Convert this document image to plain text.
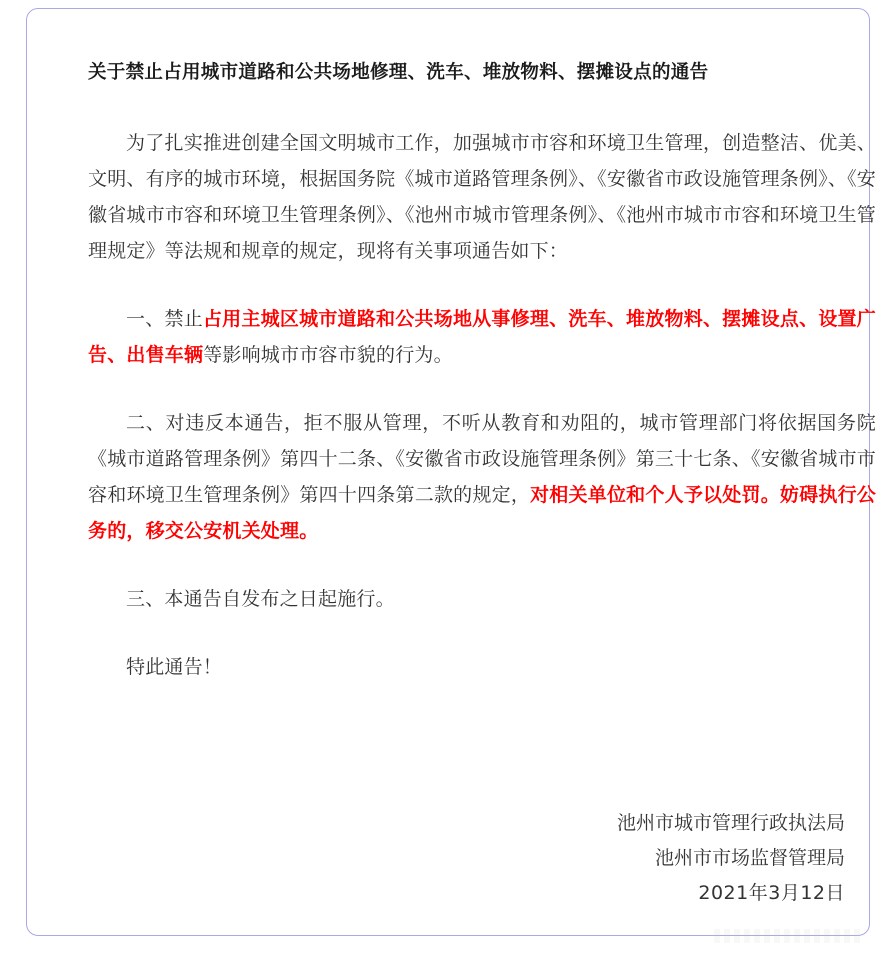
关于禁止占用城市道路和公共场地修理、洗车、堆放物料、摆摊设点的通告

为了扎实推进创建全国文明城市工作，加强城市市容和环境卫生管理，创造整洁、优美、文明、有序的城市环境，根据国务院《城市道路管理条例》、《安徽省市政设施管理条例》、《安徽省城市市容和环境卫生管理条例》、《池州市城市管理条例》、《池州市城市市容和环境卫生管理规定》等法规和规章的规定，现将有关事项通告如下：

一、禁止占用主城区城市道路和公共场地从事修理、洗车、堆放物料、摆摊设点、设置广告、出售车辆等影响城市市容市貌的行为。

二、对违反本通告，拒不服从管理，不听从教育和劝阻的，城市管理部门将依据国务院《城市道路管理条例》第四十二条、《安徽省市政设施管理条例》第三十七条、《安徽省城市市容和环境卫生管理条例》第四十四条第二款的规定，对相关单位和个人予以处罚。妨碍执行公务的，移交公安机关处理。

三、本通告自发布之日起施行。

特此通告！

池州市城市管理行政执法局
池州市市场监督管理局
2021年3月12日
